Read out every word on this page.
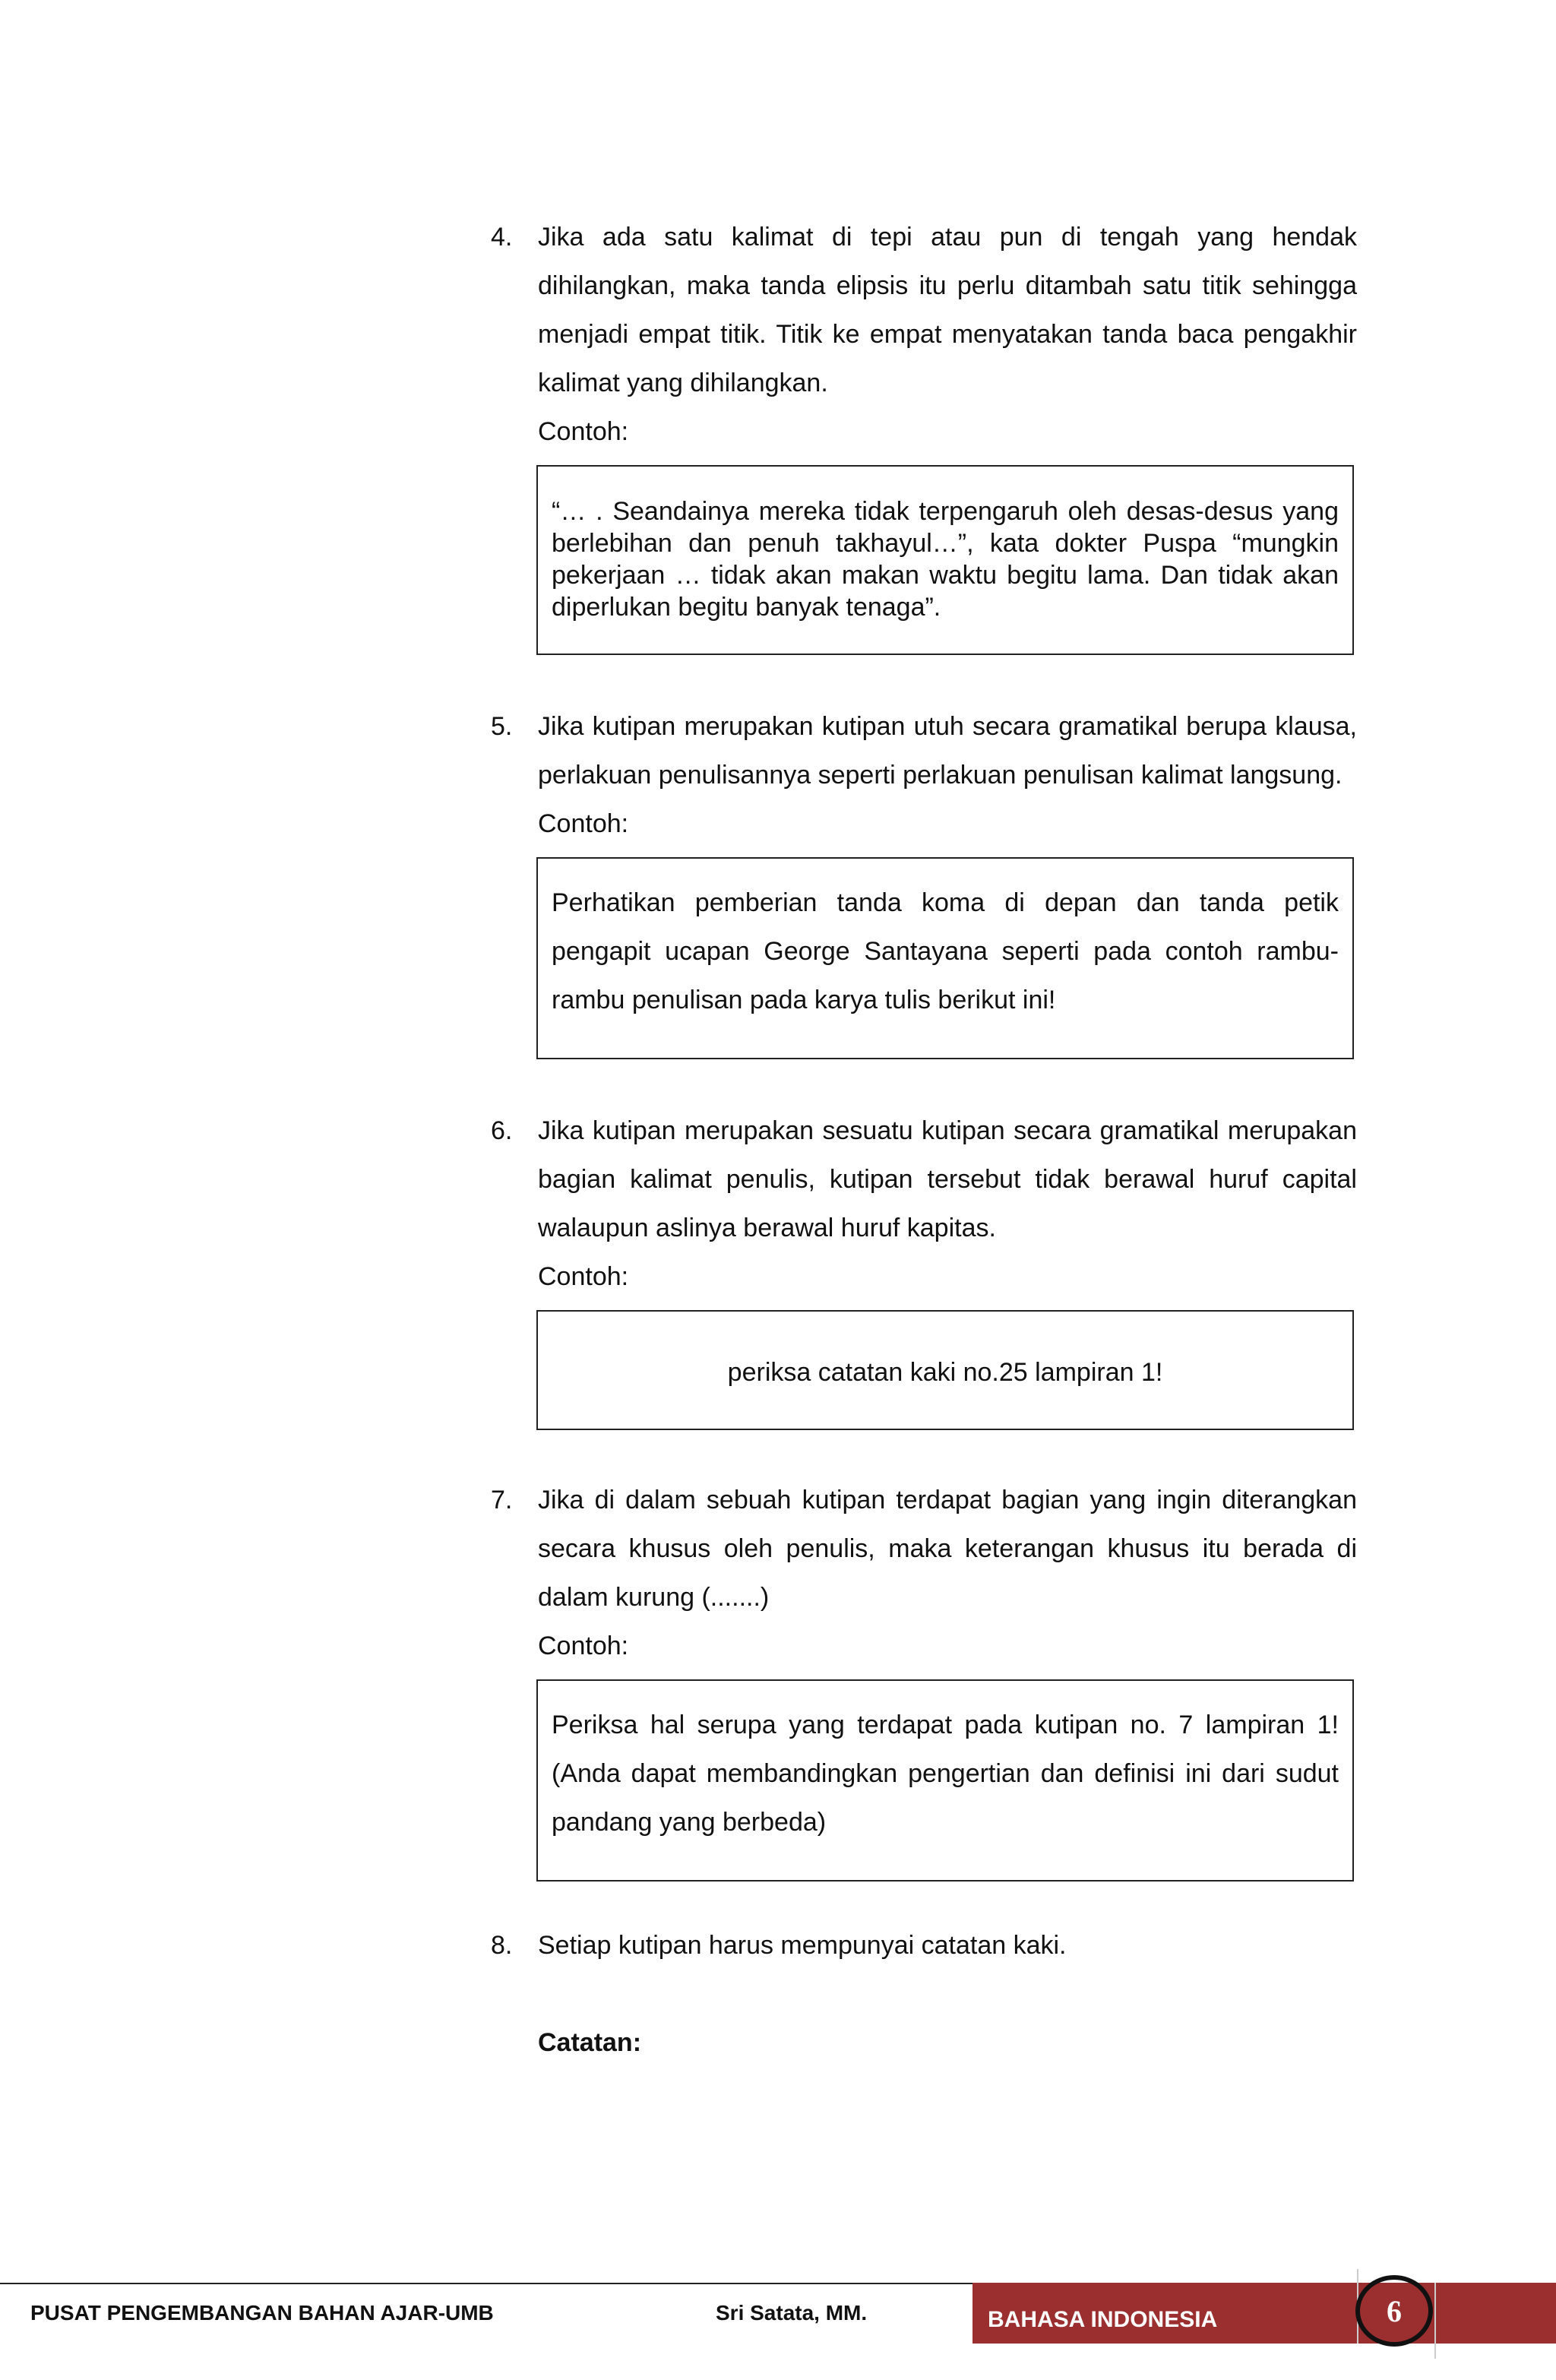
4. Jika ada satu kalimat di tepi atau pun di tengah yang hendak dihilangkan, maka tanda elipsis itu perlu ditambah satu titik sehingga menjadi empat titik. Titik ke empat menyatakan tanda baca pengakhir kalimat yang dihilangkan.
Contoh:
“… . Seandainya mereka tidak terpengaruh oleh desas-desus yang berlebihan dan penuh takhayul…”, kata dokter Puspa “mungkin pekerjaan … tidak akan makan waktu begitu lama. Dan tidak akan diperlukan begitu banyak tenaga”.
5. Jika kutipan merupakan kutipan utuh secara gramatikal berupa klausa, perlakuan penulisannya seperti perlakuan penulisan kalimat langsung.
Contoh:
Perhatikan pemberian tanda koma di depan dan tanda petik pengapit ucapan George Santayana seperti pada contoh rambu-rambu penulisan pada karya tulis berikut ini!
6. Jika kutipan merupakan sesuatu kutipan secara gramatikal merupakan bagian kalimat penulis, kutipan tersebut tidak berawal huruf capital walaupun aslinya berawal huruf kapitas.
Contoh:
periksa catatan kaki no.25 lampiran 1!
7. Jika di dalam sebuah kutipan terdapat bagian yang ingin diterangkan secara khusus oleh penulis, maka keterangan khusus itu berada di dalam kurung (.......)
Contoh:
Periksa hal serupa yang terdapat pada kutipan no. 7 lampiran 1! (Anda dapat membandingkan pengertian dan definisi ini dari sudut pandang yang berbeda)
8. Setiap kutipan harus mempunyai catatan kaki.
Catatan:
PUSAT PENGEMBANGAN BAHAN AJAR-UMB	Sri Satata, MM.	BAHASA INDONESIA	6
